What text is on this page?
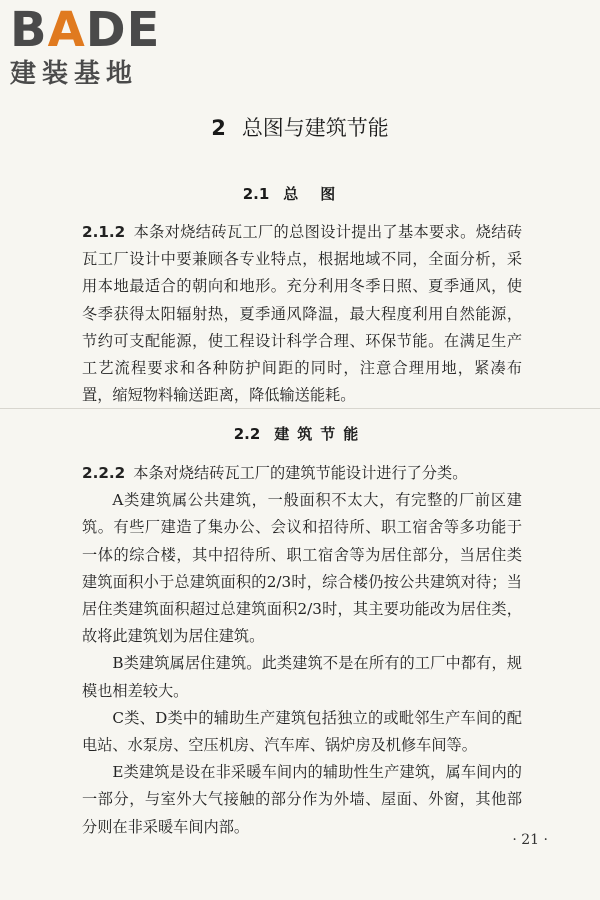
BADE
建装基地
2 总图与建筑节能
2.1 总图

2.1.2 本条对烧结砖瓦工厂的总图设计提出了基本要求。烧结砖瓦工厂设计中要兼顾各专业特点，根据地域不同，全面分析，采用本地最适合的朝向和地形。充分利用冬季日照、夏季通风，使冬季获得太阳辐射热，夏季通风降温，最大程度利用自然能源，节约可支配能源，使工程设计科学合理、环保节能。在满足生产工艺流程要求和各种防护间距的同时，注意合理用地，紧凑布置，缩短物料输送距离，降低输送能耗。

2.2 建筑节能

2.2.2 本条对烧结砖瓦工厂的建筑节能设计进行了分类。

A类建筑属公共建筑，一般面积不太大，有完整的厂前区建筑。有些厂建造了集办公、会议和招待所、职工宿舍等多功能于一体的综合楼，其中招待所、职工宿舍等为居住部分，当居住类建筑面积小于总建筑面积的2/3时，综合楼仍按公共建筑对待；当居住类建筑面积超过总建筑面积2/3时，其主要功能改为居住类，故将此建筑划为居住建筑。

B类建筑属居住建筑。此类建筑不是在所有的工厂中都有，规模也相差较大。

C类、D类中的辅助生产建筑包括独立的或毗邻生产车间的配电站、水泵房、空压机房、汽车库、锅炉房及机修车间等。

E类建筑是设在非采暖车间内的辅助性生产建筑，属车间内的一部分，与室外大气接触的部分作为外墙、屋面、外窗，其他部分则在非采暖车间内部。

· 21 ·
